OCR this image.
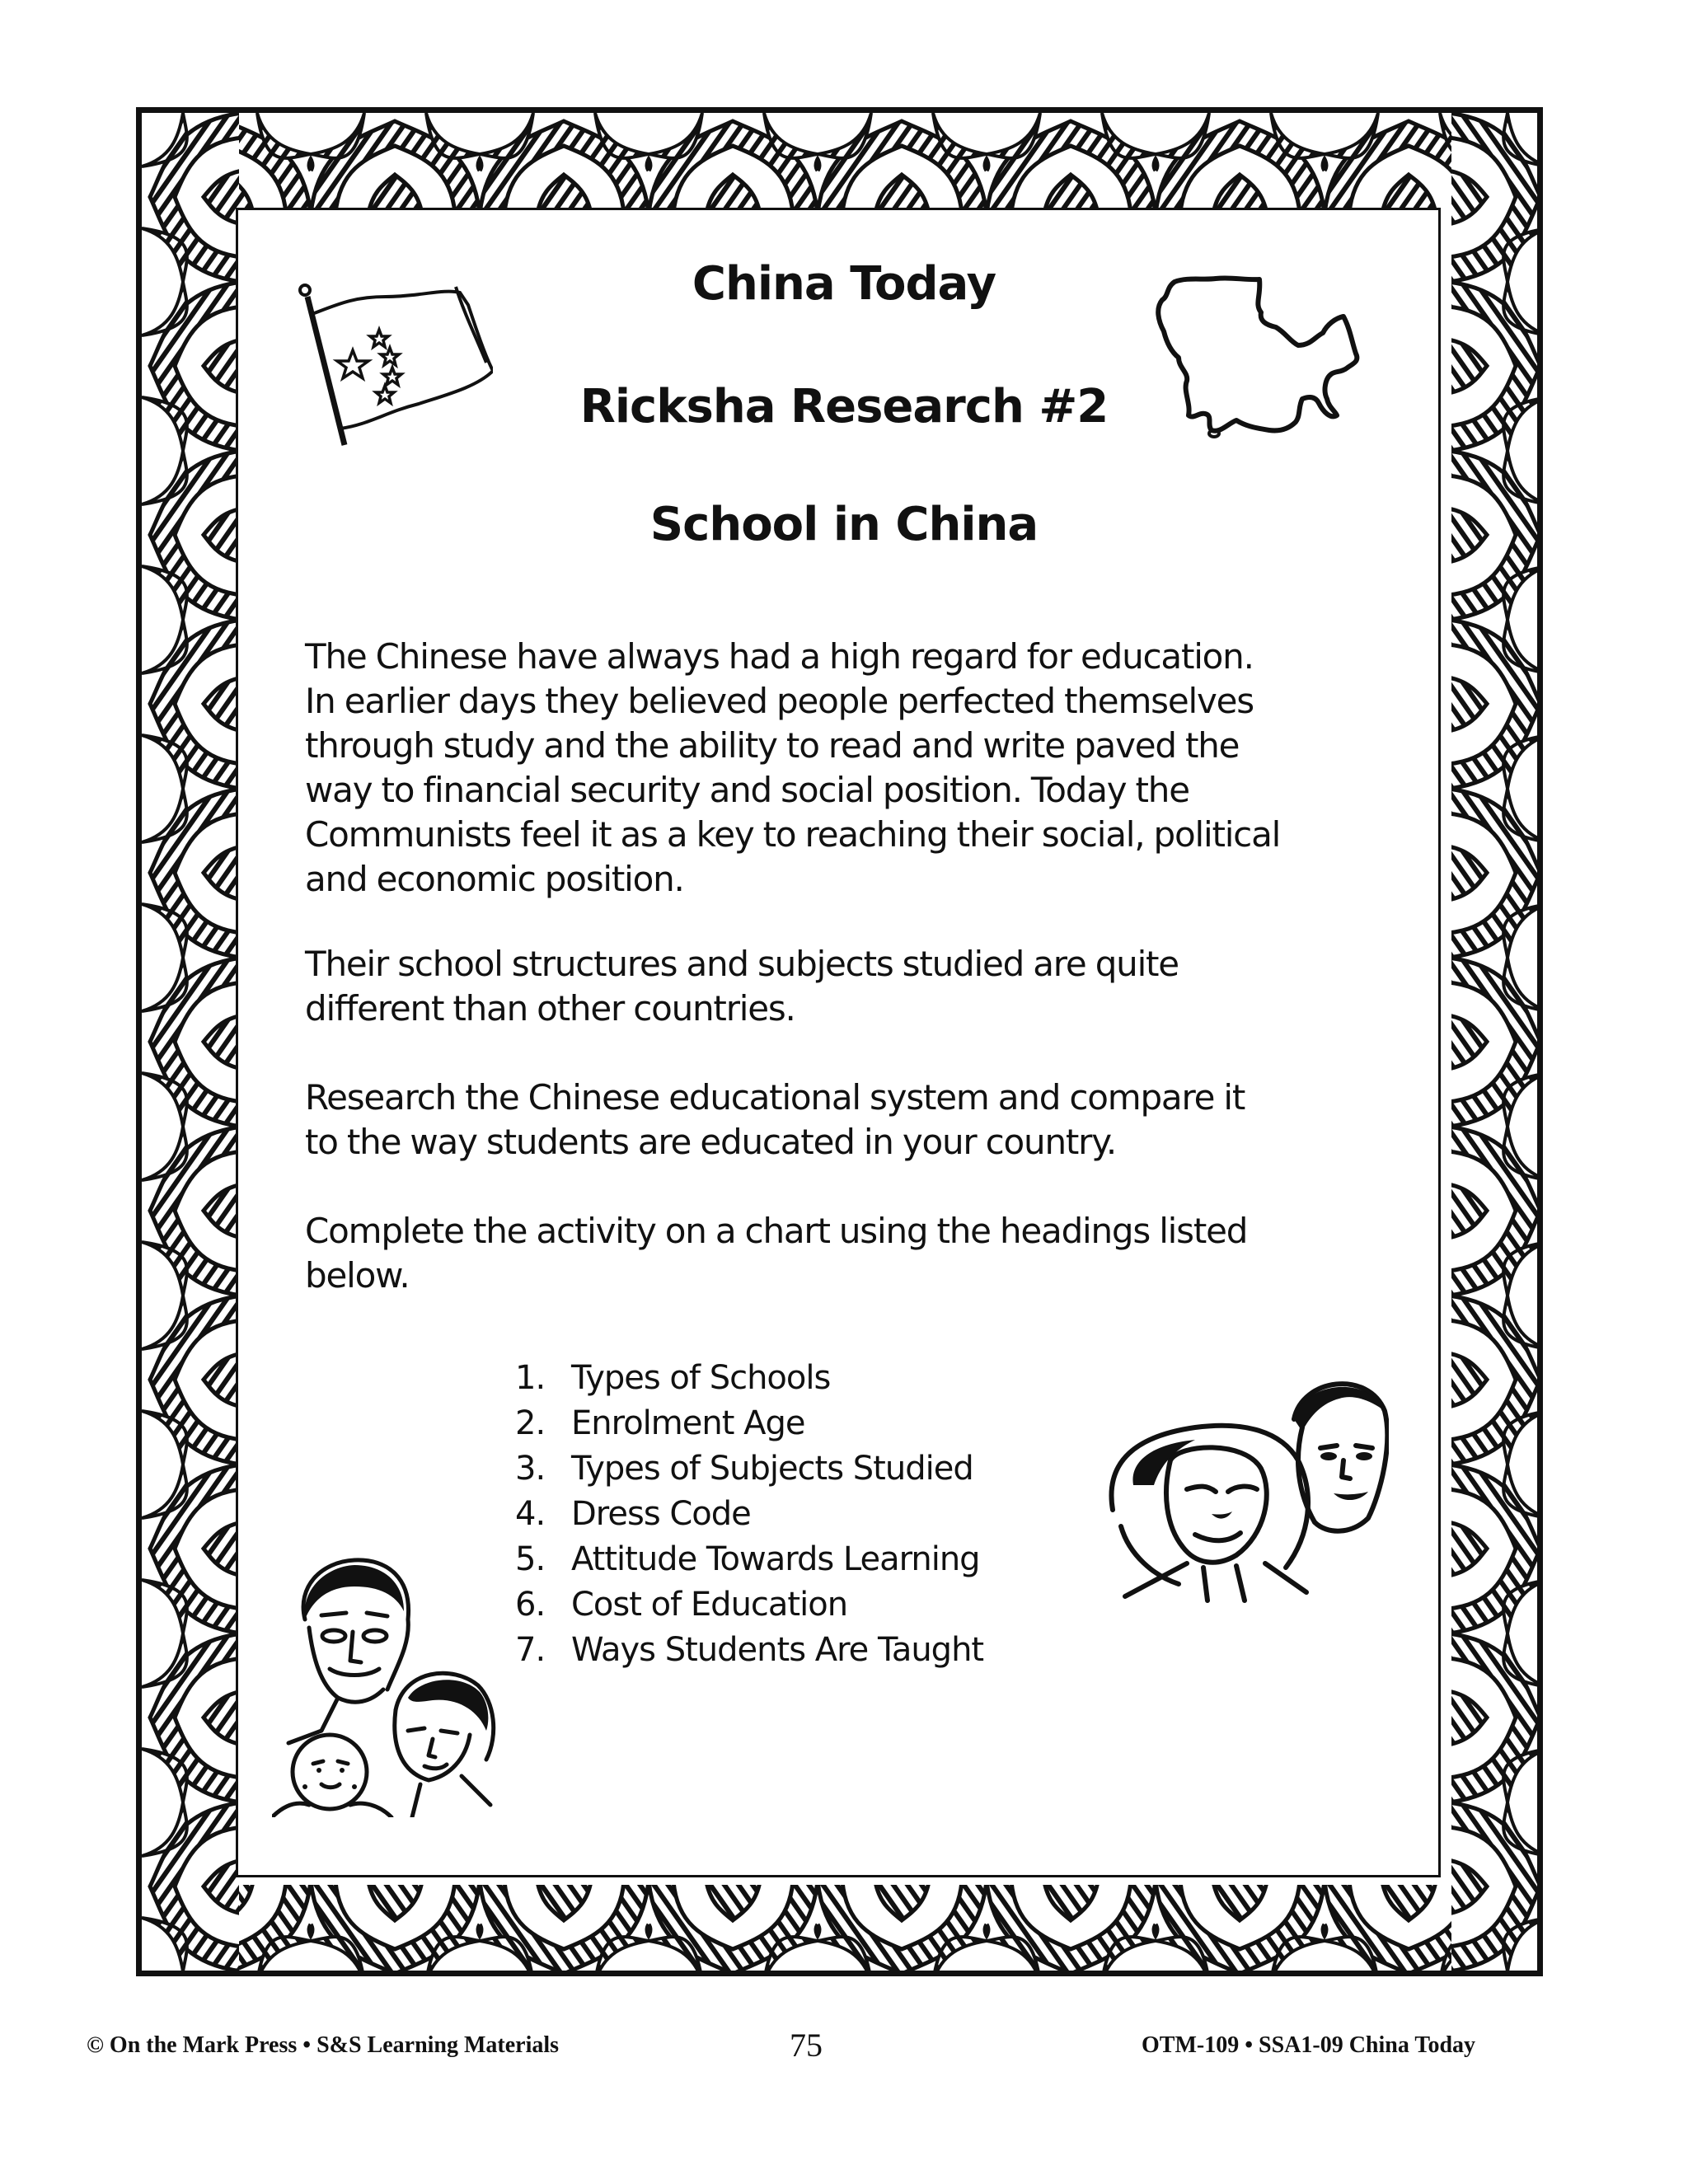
China Today
Ricksha Research #2
School in China
The Chinese have always had a high regard for education.
In earlier days they believed people perfected themselves
through study and the ability to read and write paved the
way to financial security and social position. Today the
Communists feel it as a key to reaching their social, political
and economic position.
Their school structures and subjects studied are quite
different than other countries.
Research the Chinese educational system and compare it
to the way students are educated in your country.
Complete the activity on a chart using the headings listed
below.
1. Types of Schools
2. Enrolment Age
3. Types of Subjects Studied
4. Dress Code
5. Attitude Towards Learning
6. Cost of Education
7. Ways Students Are Taught
© On the Mark Press • S&S Learning Materials	75	OTM-109 • SSA1-09 China Today
